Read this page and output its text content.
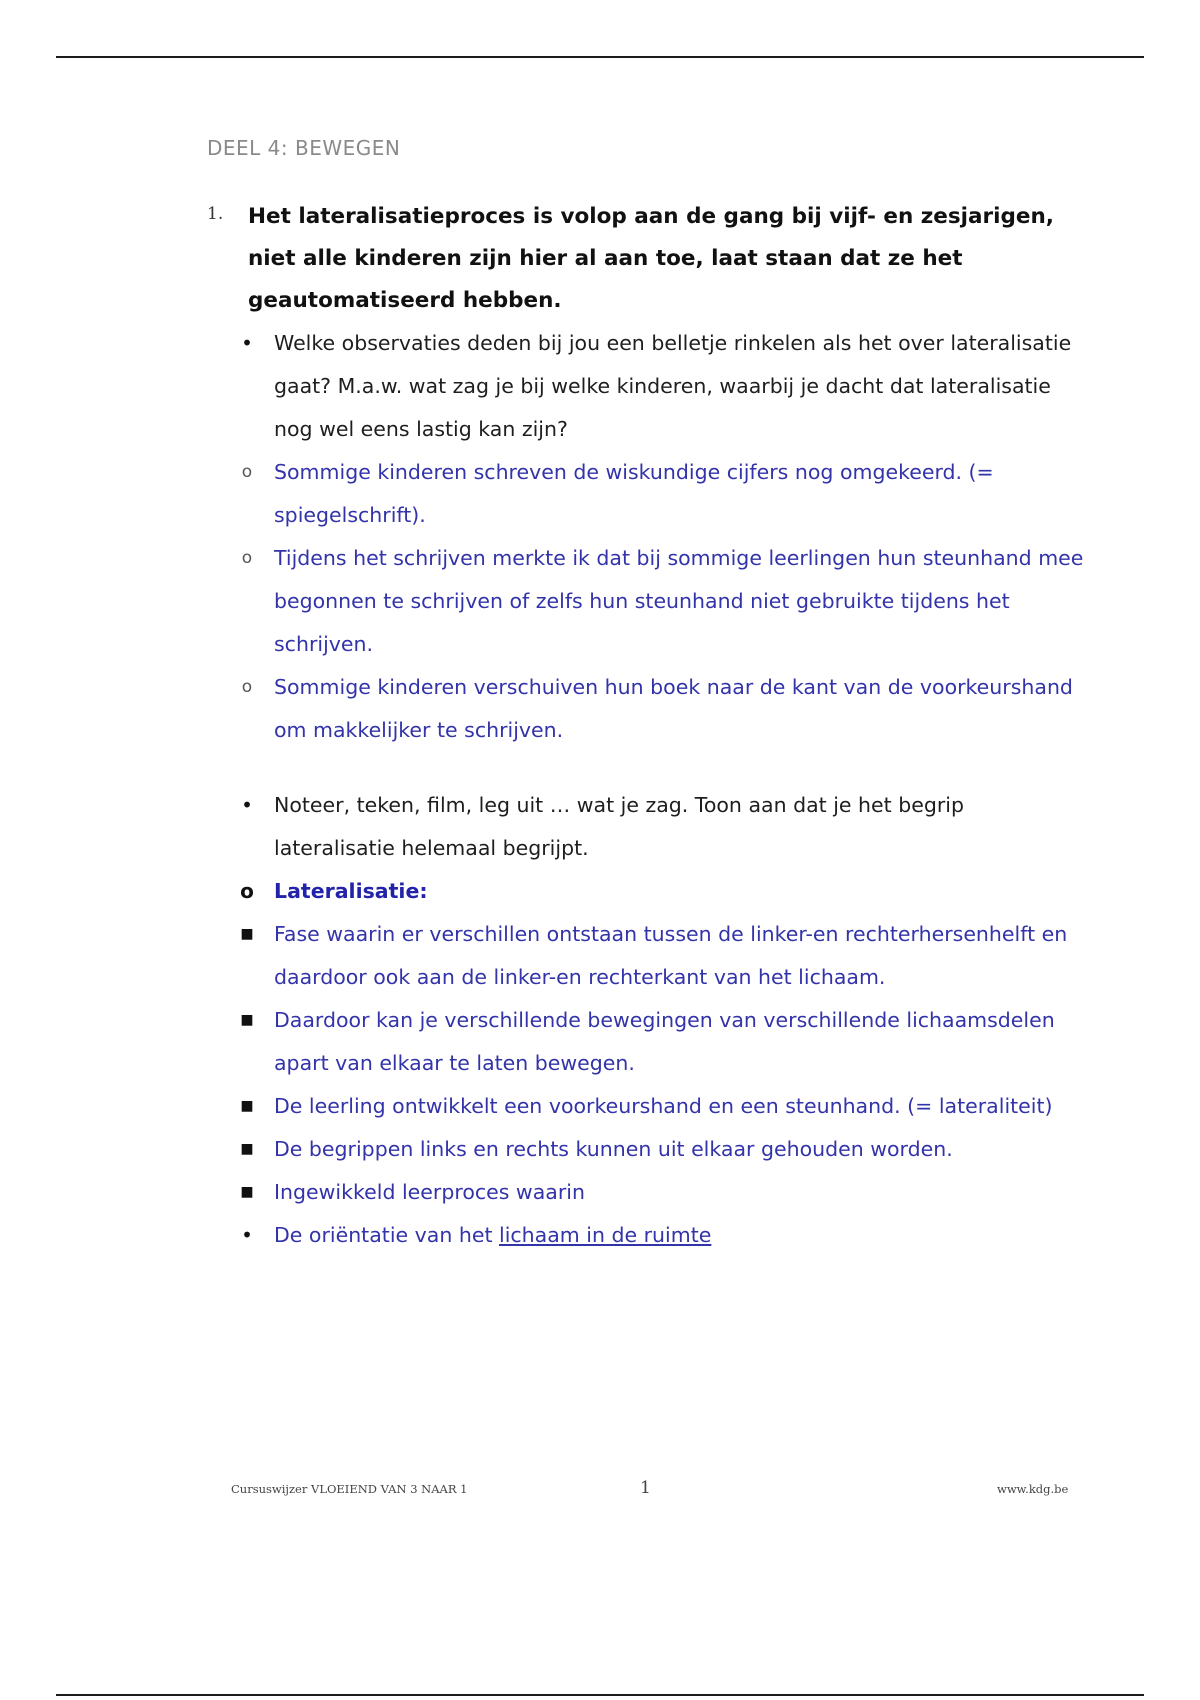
DEEL 4: BEWEGEN
1.	Het lateralisatieproces is volop aan de gang bij vijf- en zesjarigen, niet alle kinderen zijn hier al aan toe, laat staan dat ze het geautomatiseerd hebben.
• Welke observaties deden bij jou een belletje rinkelen als het over lateralisatie gaat? M.a.w. wat zag je bij welke kinderen, waarbij je dacht dat lateralisatie nog wel eens lastig kan zijn?
o	Sommige kinderen schreven de wiskundige cijfers nog omgekeerd. (= spiegelschrift).
o	Tijdens het schrijven merkte ik dat bij sommige leerlingen hun steunhand mee begonnen te schrijven of zelfs hun steunhand niet gebruikte tijdens het schrijven.
o	Sommige kinderen verschuiven hun boek naar de kant van de voorkeurshand om makkelijker te schrijven.
• Noteer, teken, film, leg uit … wat je zag. Toon aan dat je het begrip lateralisatie helemaal begrijpt.
o Lateralisatie:
■ Fase waarin er verschillen ontstaan tussen de linker-en rechterhersenhelft en daardoor ook aan de linker-en rechterkant van het lichaam.
■ Daardoor kan je verschillende bewegingen van verschillende lichaamsdelen apart van elkaar te laten bewegen.
■ De leerling ontwikkelt een voorkeurshand en een steunhand. (= lateraliteit)
■ De begrippen links en rechts kunnen uit elkaar gehouden worden.
■ Ingewikkeld leerproces waarin
• De oriëntatie van het lichaam in de ruimte
Cursuswijzer VLOEIEND VAN 3 NAAR 1	1	www.kdg.be
